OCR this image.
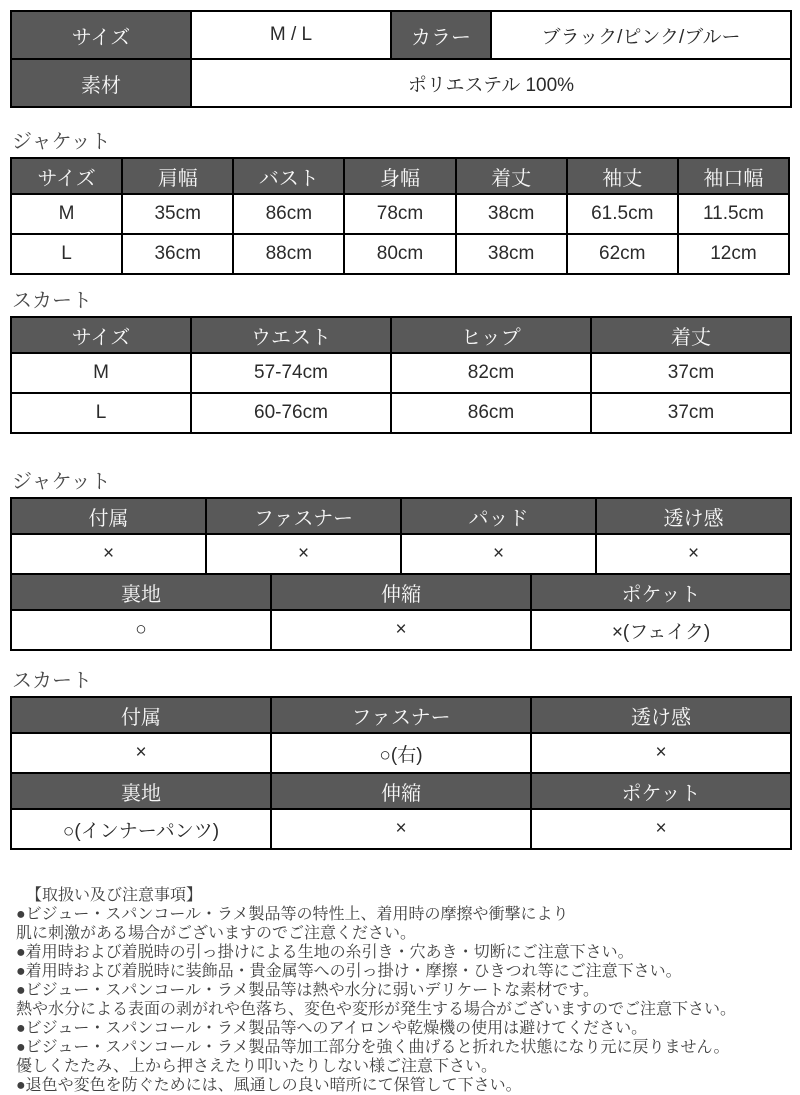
サイズ	M / L	カラー	ブラック/ピンク/ブルー
素材	ポリエステル 100%		
ジャケット
サイズ	肩幅	バスト	身幅	着丈	袖丈	袖口幅
M	35cm	86cm	78cm	38cm	61.5cm	11.5cm
L	36cm	88cm	80cm	38cm	62cm	12cm
スカート
サイズ	ウエスト	ヒップ	着丈
M	57-74cm	82cm	37cm
L	60-76cm	86cm	37cm
ジャケット
付属	ファスナー		パッド		透け感
×	×		×		×
裏地		伸縮		ポケット	
○		×		×(フェイク)	
スカート
付属	ファスナー	透け感
×	○(右)	×
裏地	伸縮	ポケット
○(インナーパンツ)	×	×

【取扱い及び注意事項】

●ビジュー・スパンコール・ラメ製品等の特性上、着用時の摩擦や衝撃により

肌に刺激がある場合がございますのでご注意ください。

●着用時および着脱時の引っ掛けによる生地の糸引き・穴あき・切断にご注意下さい。

●着用時および着脱時に装飾品・貴金属等への引っ掛け・摩擦・ひきつれ等にご注意下さい。

●ビジュー・スパンコール・ラメ製品等は熱や水分に弱いデリケートな素材です。

熱や水分による表面の剥がれや色落ち、変色や変形が発生する場合がございますのでご注意下さい。

●ビジュー・スパンコール・ラメ製品等へのアイロンや乾燥機の使用は避けてください。

●ビジュー・スパンコール・ラメ製品等加工部分を強く曲げると折れた状態になり元に戻りません。

優しくたたみ、上から押さえたり叩いたりしない様ご注意下さい。

●退色や変色を防ぐためには、風通しの良い暗所にて保管して下さい。
